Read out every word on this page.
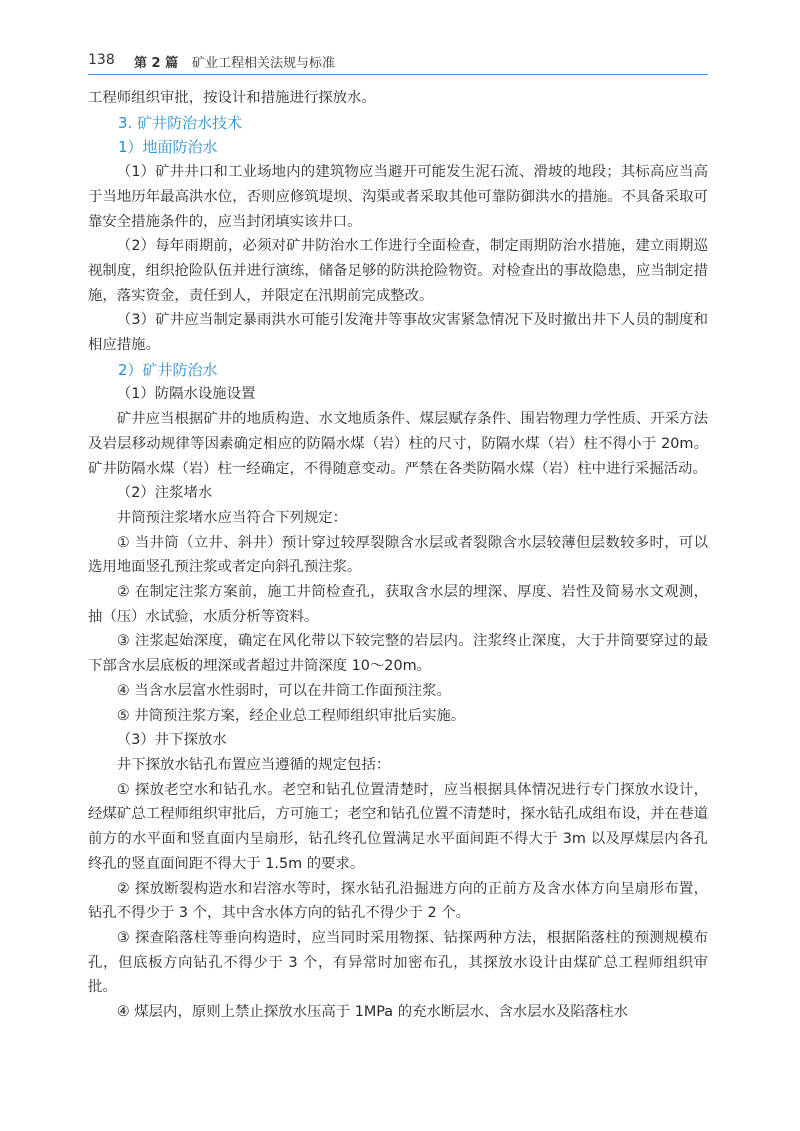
138 第 2 篇 矿业工程相关法规与标准

工程师组织审批，按设计和措施进行探放水。

3. 矿井防治水技术

1）地面防治水

（1）矿井井口和工业场地内的建筑物应当避开可能发生泥石流、滑坡的地段；其标高应当高于当地历年最高洪水位，否则应修筑堤坝、沟渠或者采取其他可靠防御洪水的措施。不具备采取可靠安全措施条件的，应当封闭填实该井口。

（2）每年雨期前，必须对矿井防治水工作进行全面检查，制定雨期防治水措施，建立雨期巡视制度，组织抢险队伍并进行演练，储备足够的防洪抢险物资。对检查出的事故隐患，应当制定措施，落实资金，责任到人，并限定在汛期前完成整改。

（3）矿井应当制定暴雨洪水可能引发淹井等事故灾害紧急情况下及时撤出井下人员的制度和相应措施。

2）矿井防治水

（1）防隔水设施设置

矿井应当根据矿井的地质构造、水文地质条件、煤层赋存条件、围岩物理力学性质、开采方法及岩层移动规律等因素确定相应的防隔水煤（岩）柱的尺寸，防隔水煤（岩）柱不得小于 20m。矿井防隔水煤（岩）柱一经确定，不得随意变动。严禁在各类防隔水煤（岩）柱中进行采掘活动。

（2）注浆堵水

井筒预注浆堵水应当符合下列规定：

① 当井筒（立井、斜井）预计穿过较厚裂隙含水层或者裂隙含水层较薄但层数较多时，可以选用地面竖孔预注浆或者定向斜孔预注浆。

② 在制定注浆方案前，施工井筒检查孔，获取含水层的埋深、厚度、岩性及简易水文观测，抽（压）水试验，水质分析等资料。

③ 注浆起始深度，确定在风化带以下较完整的岩层内。注浆终止深度，大于井筒要穿过的最下部含水层底板的埋深或者超过井筒深度 10～20m。

④ 当含水层富水性弱时，可以在井筒工作面预注浆。

⑤ 井筒预注浆方案，经企业总工程师组织审批后实施。

（3）井下探放水

井下探放水钻孔布置应当遵循的规定包括：

① 探放老空水和钻孔水。老空和钻孔位置清楚时，应当根据具体情况进行专门探放水设计，经煤矿总工程师组织审批后，方可施工；老空和钻孔位置不清楚时，探水钻孔成组布设，并在巷道前方的水平面和竖直面内呈扇形，钻孔终孔位置满足水平面间距不得大于 3m 以及厚煤层内各孔终孔的竖直面间距不得大于 1.5m 的要求。

② 探放断裂构造水和岩溶水等时，探水钻孔沿掘进方向的正前方及含水体方向呈扇形布置，钻孔不得少于 3 个，其中含水体方向的钻孔不得少于 2 个。

③ 探查陷落柱等垂向构造时，应当同时采用物探、钻探两种方法，根据陷落柱的预测规模布孔，但底板方向钻孔不得少于 3 个，有异常时加密布孔，其探放水设计由煤矿总工程师组织审批。

④ 煤层内，原则上禁止探放水压高于 1MPa 的充水断层水、含水层水及陷落柱水
